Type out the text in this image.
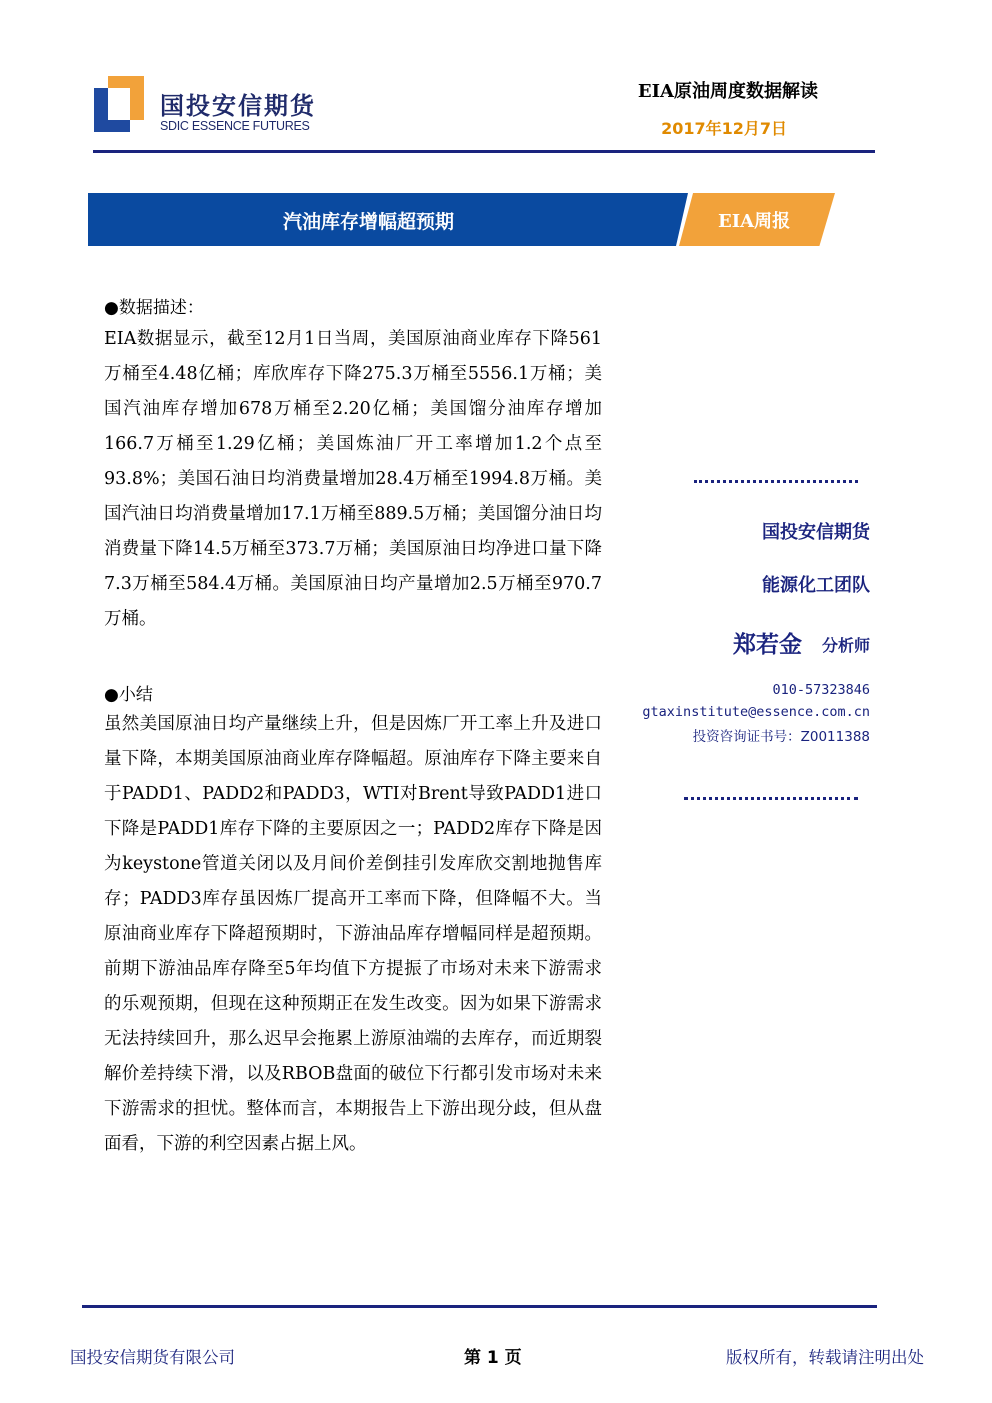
国投安信期货
SDIC ESSENCE FUTURES
EIA原油周度数据解读
2017年12月7日
汽油库存增幅超预期	EIA周报
●数据描述：
EIA数据显示，截至12月1日当周，美国原油商业库存下降561万桶至4.48亿桶；库欣库存下降275.3万桶至5556.1万桶；美国汽油库存增加678万桶至2.20亿桶；美国馏分油库存增加166.7万桶至1.29亿桶；美国炼油厂开工率增加1.2个点至93.8%；美国石油日均消费量增加28.4万桶至1994.8万桶。美国汽油日均消费量增加17.1万桶至889.5万桶；美国馏分油日均消费量下降14.5万桶至373.7万桶；美国原油日均净进口量下降7.3万桶至584.4万桶。美国原油日均产量增加2.5万桶至970.7万桶。
●小结
虽然美国原油日均产量继续上升，但是因炼厂开工率上升及进口量下降，本期美国原油商业库存降幅超。原油库存下降主要来自于PADD1、PADD2和PADD3，WTI对Brent导致PADD1进口下降是PADD1库存下降的主要原因之一；PADD2库存下降是因为keystone管道关闭以及月间价差倒挂引发库欣交割地抛售库存；PADD3库存虽因炼厂提高开工率而下降，但降幅不大。当原油商业库存下降超预期时，下游油品库存增幅同样是超预期。前期下游油品库存降至5年均值下方提振了市场对未来下游需求的乐观预期，但现在这种预期正在发生改变。因为如果下游需求无法持续回升，那么迟早会拖累上游原油端的去库存，而近期裂解价差持续下滑，以及RBOB盘面的破位下行都引发市场对未来下游需求的担忧。整体而言，本期报告上下游出现分歧，但从盘面看，下游的利空因素占据上风。
国投安信期货
能源化工团队
郑若金 分析师
010-57323846
gtaxinstitute@essence.com.cn
投资咨询证书号：Z0011388
国投安信期货有限公司	第 1 页	版权所有，转载请注明出处
